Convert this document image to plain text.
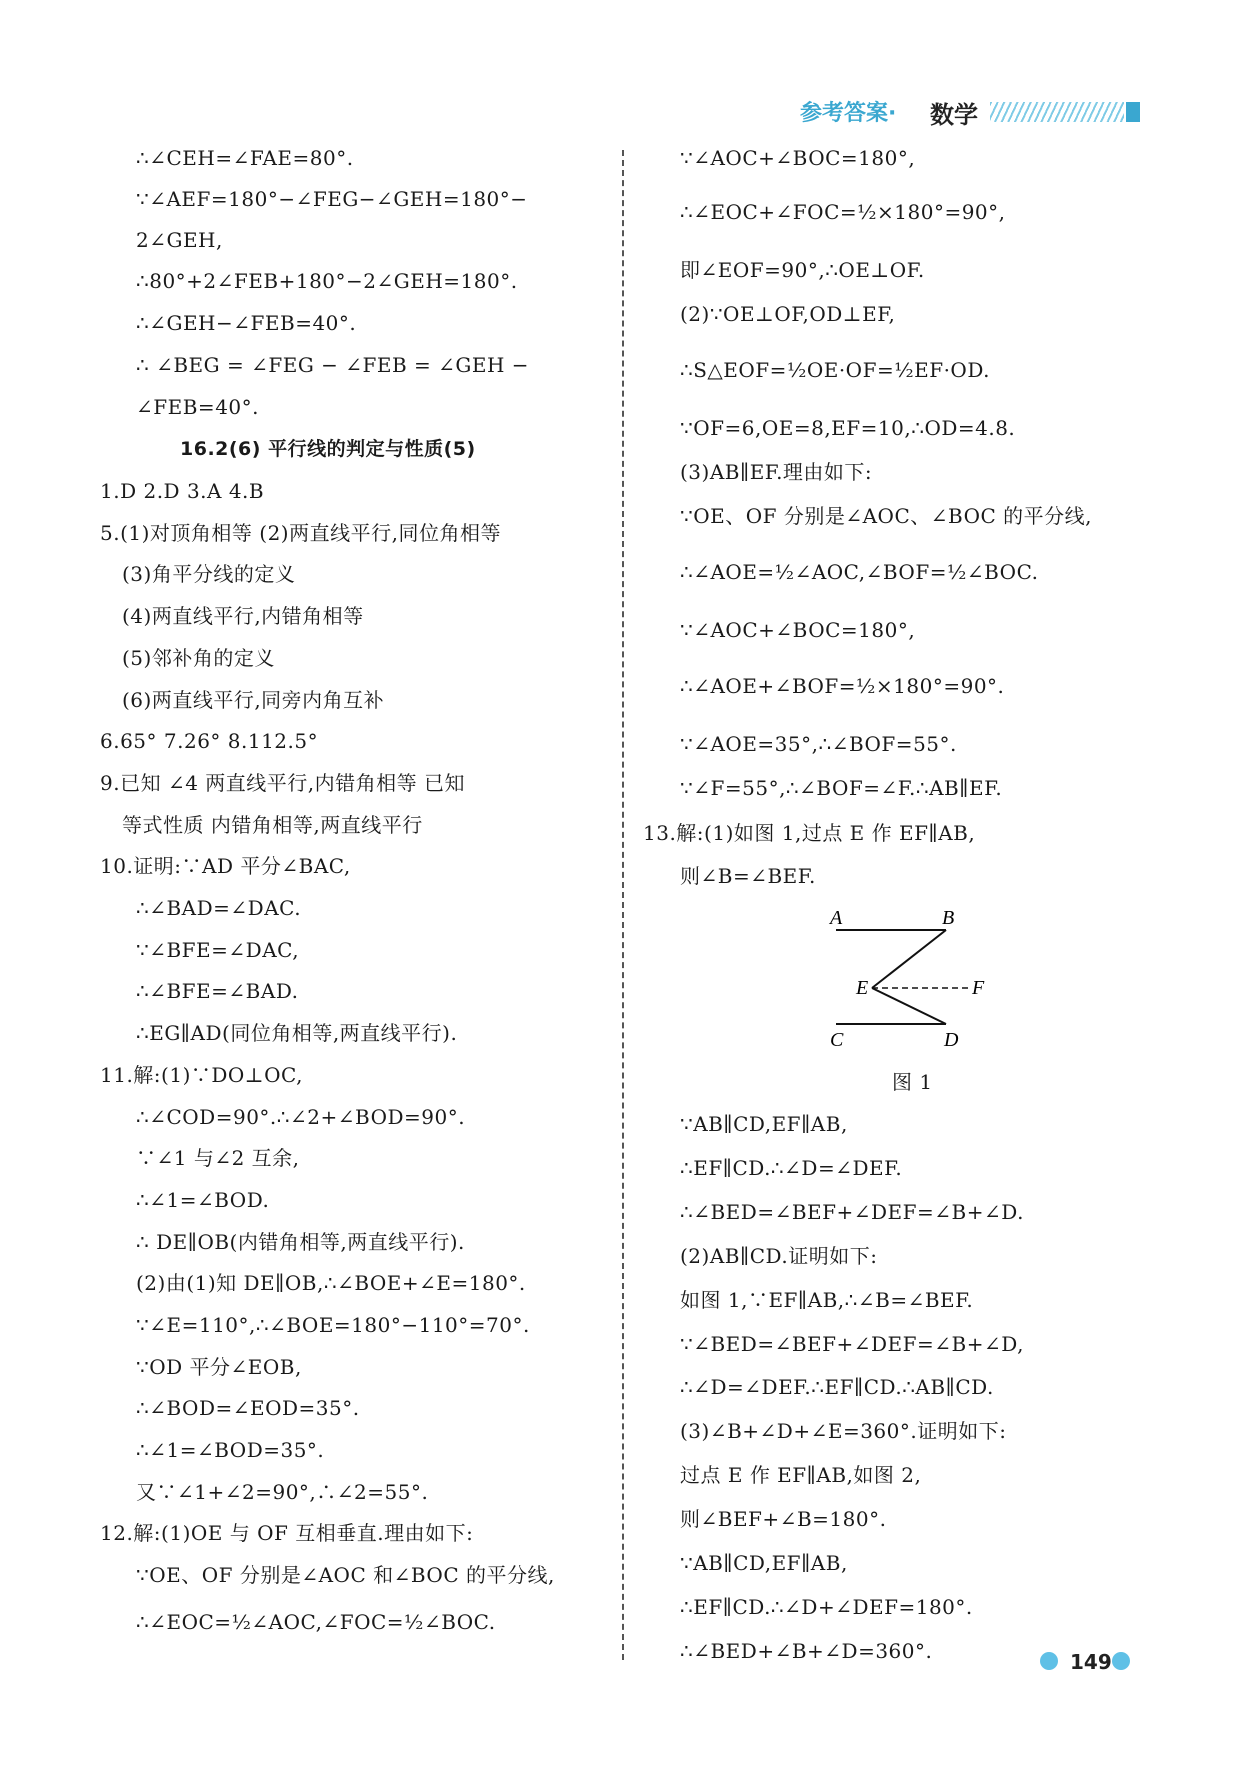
参考答案· 数学
∴∠CEH=∠FAE=80°.
∵∠AEF=180°−∠FEG−∠GEH=180°−
2∠GEH,
∴80°+2∠FEB+180°−2∠GEH=180°.
∴∠GEH−∠FEB=40°.
∴ ∠BEG = ∠FEG − ∠FEB = ∠GEH −
∠FEB=40°.
16.2(6) 平行线的判定与性质(5)
1.D 2.D 3.A 4.B
5.(1)对顶角相等 (2)两直线平行,同位角相等
(3)角平分线的定义
(4)两直线平行,内错角相等
(5)邻补角的定义
(6)两直线平行,同旁内角互补
6.65° 7.26° 8.112.5°
9.已知 ∠4 两直线平行,内错角相等 已知
等式性质 内错角相等,两直线平行
10.证明:∵AD 平分∠BAC,
∴∠BAD=∠DAC.
∵∠BFE=∠DAC,
∴∠BFE=∠BAD.
∴EG∥AD(同位角相等,两直线平行).
11.解:(1)∵DO⊥OC,
∴∠COD=90°.∴∠2+∠BOD=90°.
∵∠1 与∠2 互余,
∴∠1=∠BOD.
∴ DE∥OB(内错角相等,两直线平行).
(2)由(1)知 DE∥OB,∴∠BOE+∠E=180°.
∵∠E=110°,∴∠BOE=180°−110°=70°.
∵OD 平分∠EOB,
∴∠BOD=∠EOD=35°.
∴∠1=∠BOD=35°.
又∵∠1+∠2=90°,∴∠2=55°.
12.解:(1)OE 与 OF 互相垂直.理由如下:
∵OE、OF 分别是∠AOC 和∠BOC 的平分线,
∴∠EOC=½∠AOC,∠FOC=½∠BOC.
∵∠AOC+∠BOC=180°,
∴∠EOC+∠FOC=½×180°=90°,
即∠EOF=90°,∴OE⊥OF.
(2)∵OE⊥OF,OD⊥EF,
∴S△EOF=½OE·OF=½EF·OD.
∵OF=6,OE=8,EF=10,∴OD=4.8.
(3)AB∥EF.理由如下:
∵OE、OF 分别是∠AOC、∠BOC 的平分线,
∴∠AOE=½∠AOC,∠BOF=½∠BOC.
∵∠AOC+∠BOC=180°,
∴∠AOE+∠BOF=½×180°=90°.
∵∠AOE=35°,∴∠BOF=55°.
∵∠F=55°,∴∠BOF=∠F.∴AB∥EF.
13.解:(1)如图 1,过点 E 作 EF∥AB,
则∠B=∠BEF.
图 1
∵AB∥CD,EF∥AB,
∴EF∥CD.∴∠D=∠DEF.
∴∠BED=∠BEF+∠DEF=∠B+∠D.
(2)AB∥CD.证明如下:
如图 1,∵EF∥AB,∴∠B=∠BEF.
∵∠BED=∠BEF+∠DEF=∠B+∠D,
∴∠D=∠DEF.∴EF∥CD.∴AB∥CD.
(3)∠B+∠D+∠E=360°.证明如下:
过点 E 作 EF∥AB,如图 2,
则∠BEF+∠B=180°.
∵AB∥CD,EF∥AB,
∴EF∥CD.∴∠D+∠DEF=180°.
∴∠BED+∠B+∠D=360°.
A	B
E	F
C	D
149
